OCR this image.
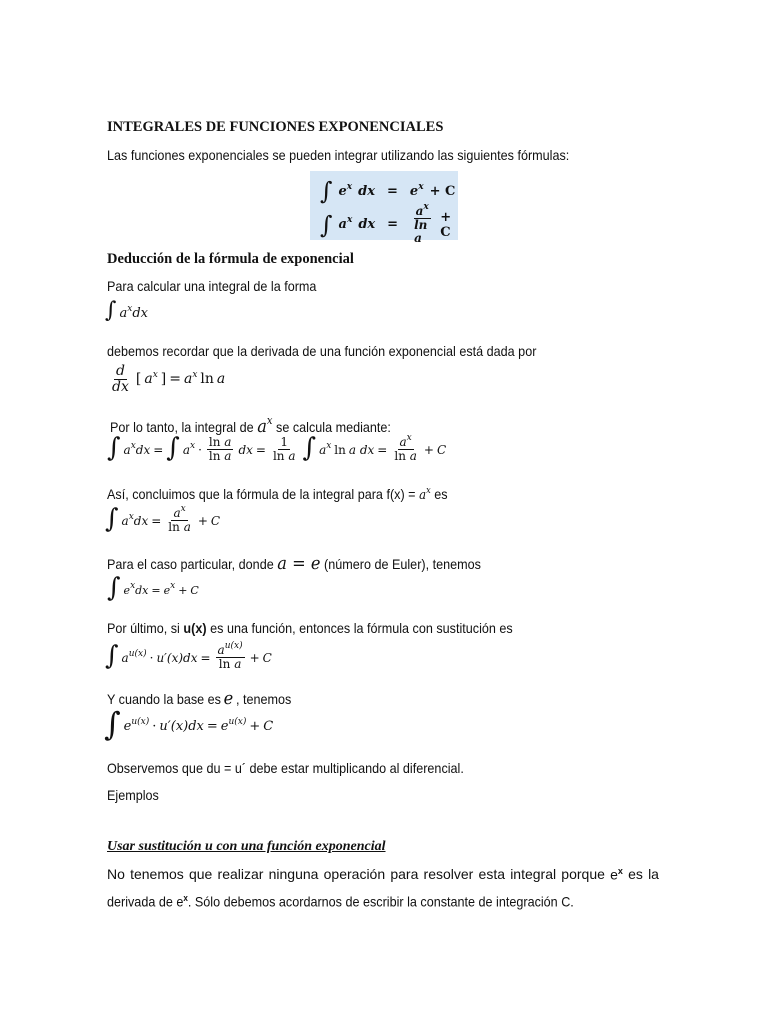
INTEGRALES DE FUNCIONES EXPONENCIALES
Las funciones exponenciales se pueden integrar utilizando las siguientes fórmulas:
∫ $e^x$ dx = $e^x + C$
∫ $a^x$ dx = $\frac{a^x}{\text{ln a}} + C$
Deducción de la fórmula de exponencial
Para calcular una integral de la forma
∫ $a^xdx$
debemos recordar que la derivada de una función exponencial está dada por
$\frac{d}{dx}$ [ $a^x$ ] = $a^x$ ln a
Por lo tanto, la integral de $a^x$ se calcula mediante:
∫ $a^xdx$ = ∫ $a^x \cdot \frac{\text{ln a}}{\text{ln a}}$ dx = $\frac{1}{\text{ln a}}$ ∫ $a^x$ ln a dx = $\frac{a^x}{\text{ln a}} + C$
Así, concluimos que la fórmula de la integral para $f(x) = a^x$ es
∫ $a^xdx = \frac{a^x}{\text{ln a}} + C$
Para el caso particular, donde a = e (número de Euler), tenemos
∫ $e^xdx = e^x + C$
Por último, si u(x) es una función, entonces la fórmula con sustitución es
∫ $a^{u(x)} \cdot u'(x)dx = \frac{a^{u(x)}}{\text{ln a}} + C$
Y cuando la base es e , tenemos
∫ $e^{u(x)} \cdot u'(x)dx = e^{u(x)} + C$
Observemos que du = u´ debe estar multiplicando al diferencial.
Ejemplos
Usar sustitución u con una función exponencial
No tenemos que realizar ninguna operación para resolver esta integral porque $e^x$ es la
derivada de $e^x$. Sólo debemos acordarnos de escribir la constante de integración C.
